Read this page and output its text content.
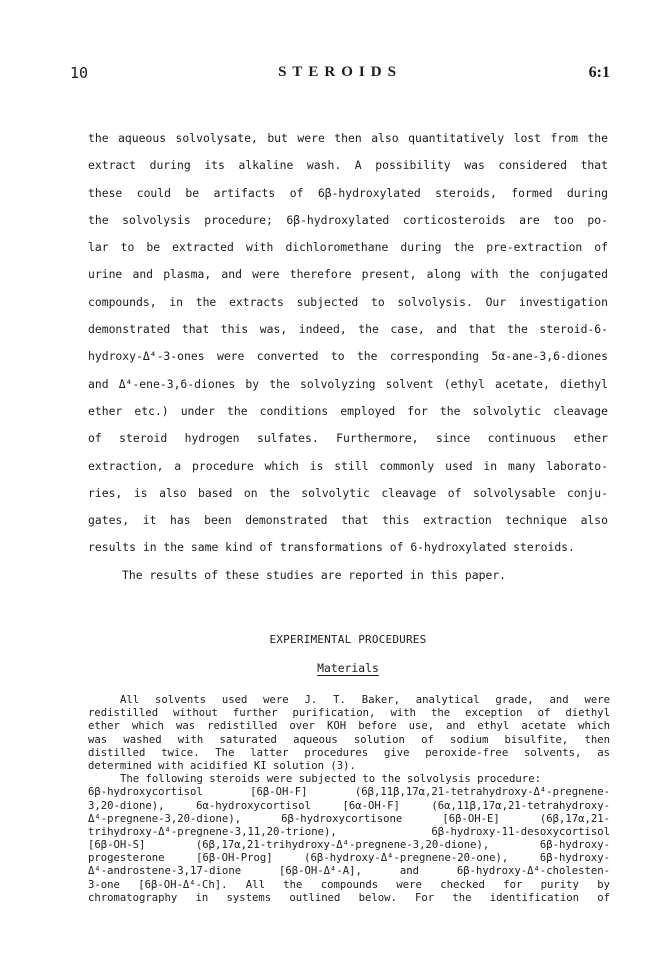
10	STEROIDS	6:1
the aqueous solvolysate, but were then also quantitatively lost from the
extract during its alkaline wash. A possibility was considered that
these could be artifacts of 6β-hydroxylated steroids, formed during
the solvolysis procedure; 6β-hydroxylated corticosteroids are too po-
lar to be extracted with dichloromethane during the pre-extraction of
urine and plasma, and were therefore present, along with the conjugated
compounds, in the extracts subjected to solvolysis. Our investigation
demonstrated that this was, indeed, the case, and that the steroid-6-
hydroxy-Δ⁴-3-ones were converted to the corresponding 5α-ane-3,6-diones
and Δ⁴-ene-3,6-diones by the solvolyzing solvent (ethyl acetate, diethyl
ether etc.) under the conditions employed for the solvolytic cleavage
of steroid hydrogen sulfates. Furthermore, since continuous ether
extraction, a procedure which is still commonly used in many laborato-
ries, is also based on the solvolytic cleavage of solvolysable conju-
gates, it has been demonstrated that this extraction technique also
results in the same kind of transformations of 6-hydroxylated steroids.
The results of these studies are reported in this paper.
EXPERIMENTAL PROCEDURES
Materials
All solvents used were J. T. Baker, analytical grade, and were
redistilled without further purification, with the exception of diethyl
ether which was redistilled over KOH before use, and ethyl acetate which
was washed with saturated aqueous solution of sodium bisulfite, then
distilled twice. The latter procedures give peroxide-free solvents, as
determined with acidified KI solution (3).
The following steroids were subjected to the solvolysis procedure:
6β-hydroxycortisol [6β-OH-F] (6β,11β,17α,21-tetrahydroxy-Δ⁴-pregnene-
3,20-dione), 6α-hydroxycortisol [6α-OH-F] (6α,11β,17α,21-tetrahydroxy-
Δ⁴-pregnene-3,20-dione), 6β-hydroxycortisone [6β-OH-E] (6β,17α,21-
trihydroxy-Δ⁴-pregnene-3,11,20-trione), 6β-hydroxy-11-desoxycortisol
[6β-OH-S] (6β,17α,21-trihydroxy-Δ⁴-pregnene-3,20-dione), 6β-hydroxy-
progesterone [6β-OH-Prog] (6β-hydroxy-Δ⁴-pregnene-20-one), 6β-hydroxy-
Δ⁴-androstene-3,17-dione [6β-OH-Δ⁴-A], and 6β-hydroxy-Δ⁴-cholesten-
3-one [6β-OH-Δ⁴-Ch]. All the compounds were checked for purity by
chromatography in systems outlined below. For the identification of
